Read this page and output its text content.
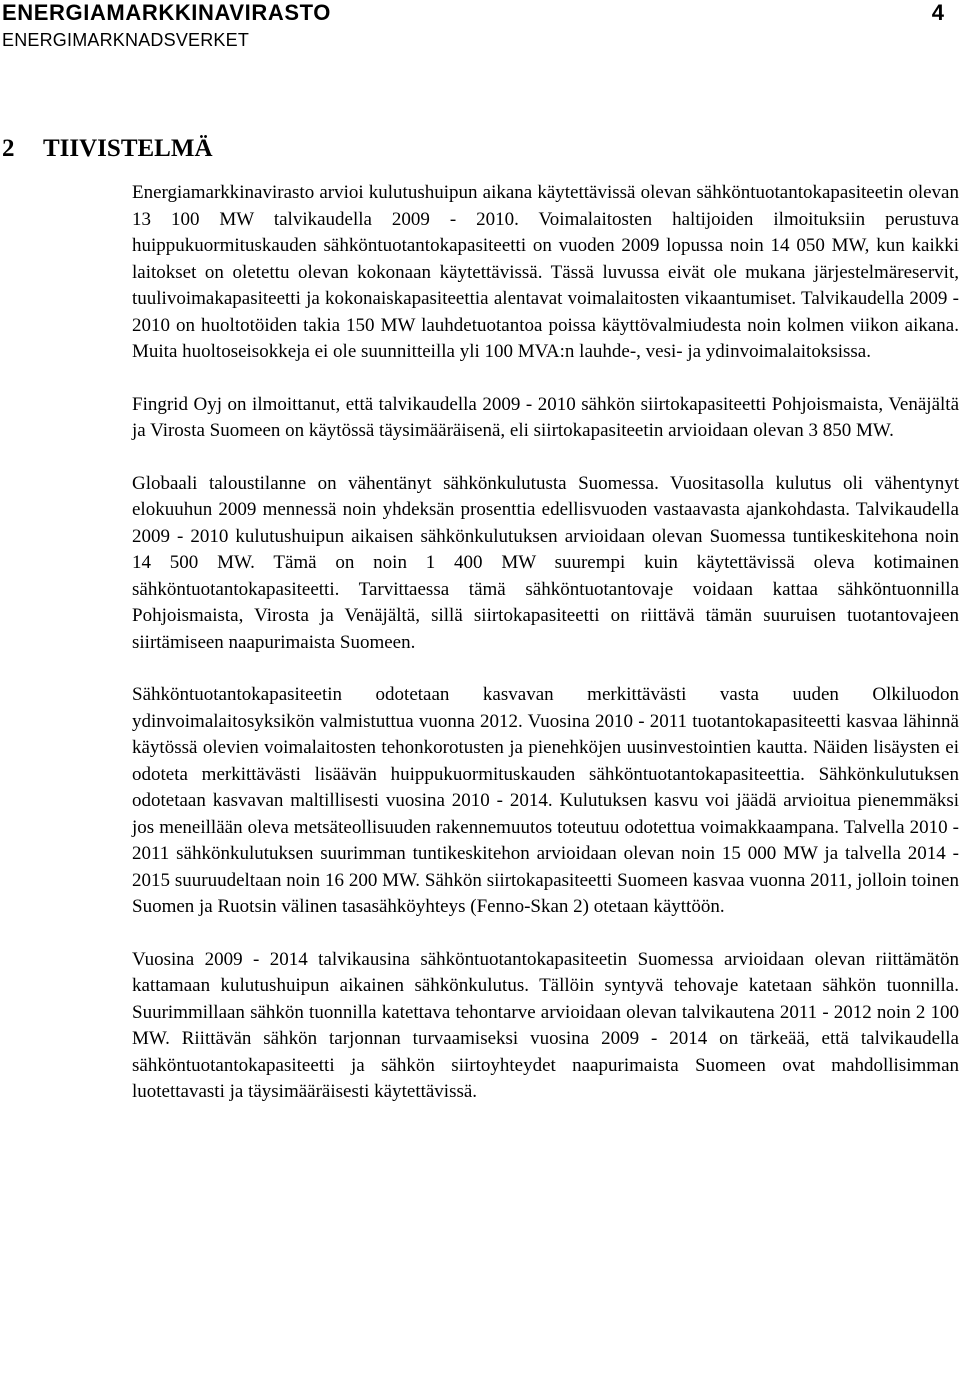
ENERGIAMARKKINAVIRASTO	4
ENERGIMARKNADSVERKET
2 TIIVISTELMÄ

Energiamarkkinavirasto arvioi kulutushuipun aikana käytettävissä olevan sähköntuotantokapasiteetin olevan 13 100 MW talvikaudella 2009 - 2010. Voimalaitosten haltijoiden ilmoituksiin perustuva huippukuormituskauden sähköntuotantokapasiteetti on vuoden 2009 lopussa noin 14 050 MW, kun kaikki laitokset on oletettu olevan kokonaan käytettävissä. Tässä luvussa eivät ole mukana järjestelmäreservit, tuulivoimakapasiteetti ja kokonaiskapasiteettia alentavat voimalaitosten vikaantumiset. Talvikaudella 2009 - 2010 on huoltotöiden takia 150 MW lauhdetuotantoa poissa käyttövalmiudesta noin kolmen viikon aikana. Muita huoltoseisokkeja ei ole suunnitteilla yli 100 MVA:n lauhde-, vesi- ja ydinvoimalaitoksissa.

Fingrid Oyj on ilmoittanut, että talvikaudella 2009 - 2010 sähkön siirtokapasiteetti Pohjoismaista, Venäjältä ja Virosta Suomeen on käytössä täysimääräisenä, eli siirtokapasiteetin arvioidaan olevan 3 850 MW.

Globaali taloustilanne on vähentänyt sähkönkulutusta Suomessa. Vuositasolla kulutus oli vähentynyt elokuuhun 2009 mennessä noin yhdeksän prosenttia edellisvuoden vastaavasta ajankohdasta. Talvikaudella 2009 - 2010 kulutushuipun aikaisen sähkönkulutuksen arvioidaan olevan Suomessa tuntikeskitehona noin 14 500 MW. Tämä on noin 1 400 MW suurempi kuin käytettävissä oleva kotimainen sähköntuotantokapasiteetti. Tarvittaessa tämä sähköntuotantovaje voidaan kattaa sähköntuonnilla Pohjoismaista, Virosta ja Venäjältä, sillä siirtokapasiteetti on riittävä tämän suuruisen tuotantovajeen siirtämiseen naapurimaista Suomeen.

Sähköntuotantokapasiteetin odotetaan kasvavan merkittävästi vasta uuden Olkiluodon ydinvoimalaitosyksikön valmistuttua vuonna 2012. Vuosina 2010 - 2011 tuotantokapasiteetti kasvaa lähinnä käytössä olevien voimalaitosten tehonkorotusten ja pienehköjen uusinvestointien kautta. Näiden lisäysten ei odoteta merkittävästi lisäävän huippukuormituskauden sähköntuotantokapasiteettia. Sähkönkulutuksen odotetaan kasvavan maltillisesti vuosina 2010 - 2014. Kulutuksen kasvu voi jäädä arvioitua pienemmäksi jos meneillään oleva metsäteollisuuden rakennemuutos toteutuu odotettua voimakkaampana. Talvella 2010 - 2011 sähkönkulutuksen suurimman tuntikeskitehon arvioidaan olevan noin 15 000 MW ja talvella 2014 - 2015 suuruudeltaan noin 16 200 MW. Sähkön siirtokapasiteetti Suomeen kasvaa vuonna 2011, jolloin toinen Suomen ja Ruotsin välinen tasasähköyhteys (Fenno-Skan 2) otetaan käyttöön.

Vuosina 2009 - 2014 talvikausina sähköntuotantokapasiteetin Suomessa arvioidaan olevan riittämätön kattamaan kulutushuipun aikainen sähkönkulutus. Tällöin syntyvä tehovaje katetaan sähkön tuonnilla. Suurimmillaan sähkön tuonnilla katettava tehontarve arvioidaan olevan talvikautena 2011 - 2012 noin 2 100 MW. Riittävän sähkön tarjonnan turvaamiseksi vuosina 2009 - 2014 on tärkeää, että talvikaudella sähköntuotantokapasiteetti ja sähkön siirtoyhteydet naapurimaista Suomeen ovat mahdollisimman luotettavasti ja täysimääräisesti käytettävissä.
